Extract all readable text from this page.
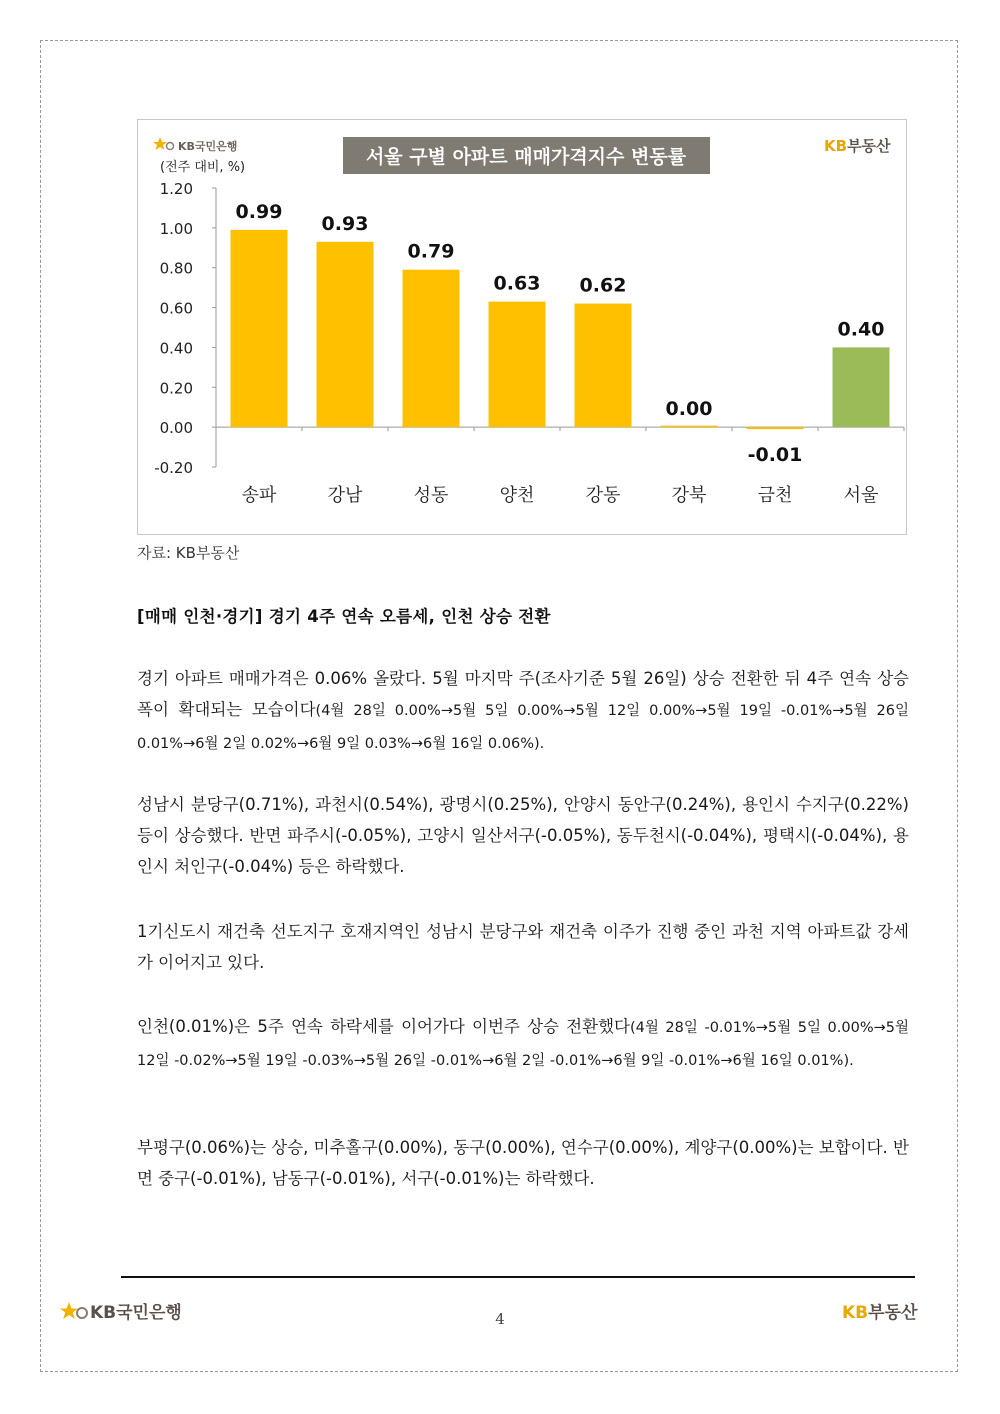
서울 구별 아파트 매매가격지수 변동률
KB국민은행
(전주 대비, %)
KB부동산
1.20
1.00
0.80
0.60
0.40
0.20
0.00
-0.20
0.99
송파
0.93
강남
0.79
성동
0.63
양천
0.62
강동
0.00
강북
-0.01
금천
0.40
서울
자료: KB부동산
[매매 인천·경기] 경기 4주 연속 오름세, 인천 상승 전환

경기 아파트 매매가격은 0.06% 올랐다. 5월 마지막 주(조사기준 5월 26일) 상승 전환한 뒤 4주 연속 상승폭이 확대되는 모습이다(4월 28일 0.00%→5월 5일 0.00%→5월 12일 0.00%→5월 19일 -0.01%→5월 26일 0.01%→6월 2일 0.02%→6월 9일 0.03%→6월 16일 0.06%).

성남시 분당구(0.71%), 과천시(0.54%), 광명시(0.25%), 안양시 동안구(0.24%), 용인시 수지구(0.22%) 등이 상승했다. 반면 파주시(-0.05%), 고양시 일산서구(-0.05%), 동두천시(-0.04%), 평택시(-0.04%), 용인시 처인구(-0.04%) 등은 하락했다.

1기신도시 재건축 선도지구 호재지역인 성남시 분당구와 재건축 이주가 진행 중인 과천 지역 아파트값 강세가 이어지고 있다.

인천(0.01%)은 5주 연속 하락세를 이어가다 이번주 상승 전환했다(4월 28일 -0.01%→5월 5일 0.00%→5월 12일 -0.02%→5월 19일 -0.03%→5월 26일 -0.01%→6월 2일 -0.01%→6월 9일 -0.01%→6월 16일 0.01%).

부평구(0.06%)는 상승, 미추홀구(0.00%), 동구(0.00%), 연수구(0.00%), 계양구(0.00%)는 보합이다. 반면 중구(-0.01%), 남동구(-0.01%), 서구(-0.01%)는 하락했다.

KB국민은행	4	KB부동산
